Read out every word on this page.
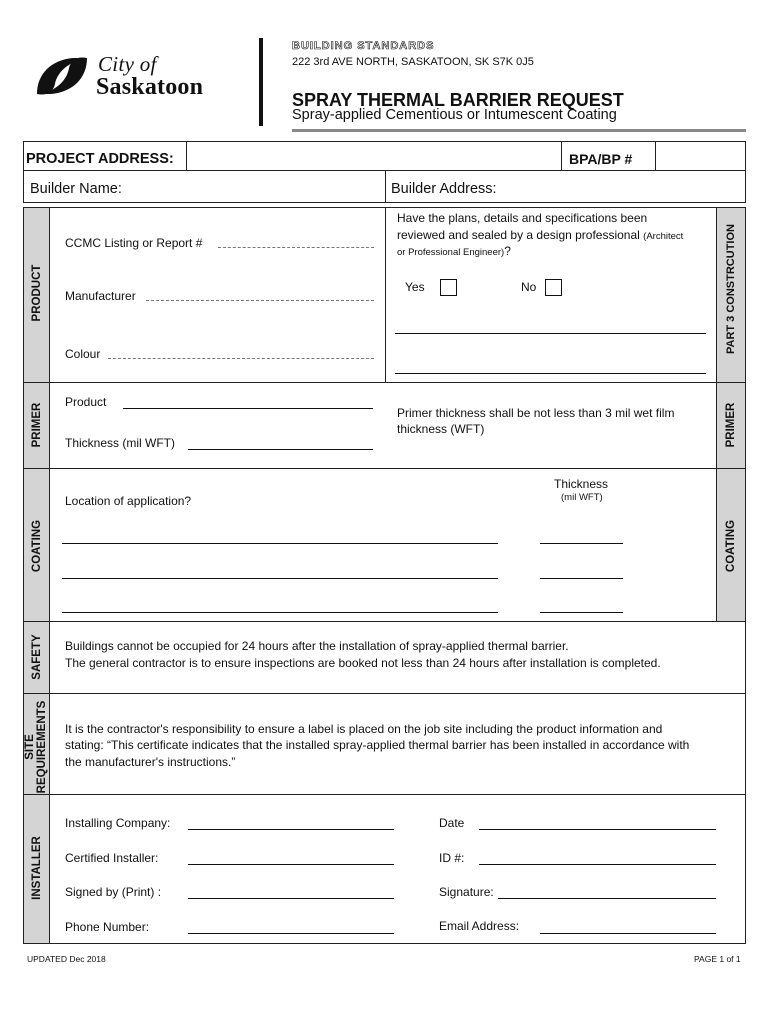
City of
Saskatoon
BUILDING STANDARDS
222 3rd AVE NORTH, SASKATOON, SK S7K 0J5
SPRAY THERMAL BARRIER REQUEST
Spray-applied Cementious or Intumescent Coating
PROJECT ADDRESS:	BPA/BP #
Builder Name:	Builder Address:
PRODUCT	PART 3 CONSTRCUTION
CCMC Listing or Report #
Manufacturer
Colour
Have the plans, details and specifications been
reviewed and sealed by a design professional (Architect
or Professional Engineer)?
Yes	No
PRIMER	PRIMER
Product
Thickness (mil WFT)
Primer thickness shall be not less than 3 mil wet film
thickness (WFT)
COATING	COATING
Location of application?
Thickness
(mil WFT)
SAFETY Buildings cannot be occupied for 24 hours after the installation of spray-applied thermal barrier.
The general contractor is to ensure inspections are booked not less than 24 hours after installation is completed.
SITE REQUIREMENTS It is the contractor's responsibility to ensure a label is placed on the job site including the product information and
stating: “This certificate indicates that the installed spray-applied thermal barrier has been installed in accordance with
the manufacturer's instructions.”
INSTALLER
Installing Company:	Date
Certified Installer:	ID #:
Signed by (Print) :	Signature:
Phone Number:	Email Address:
UPDATED Dec 2018	PAGE 1 of 1
